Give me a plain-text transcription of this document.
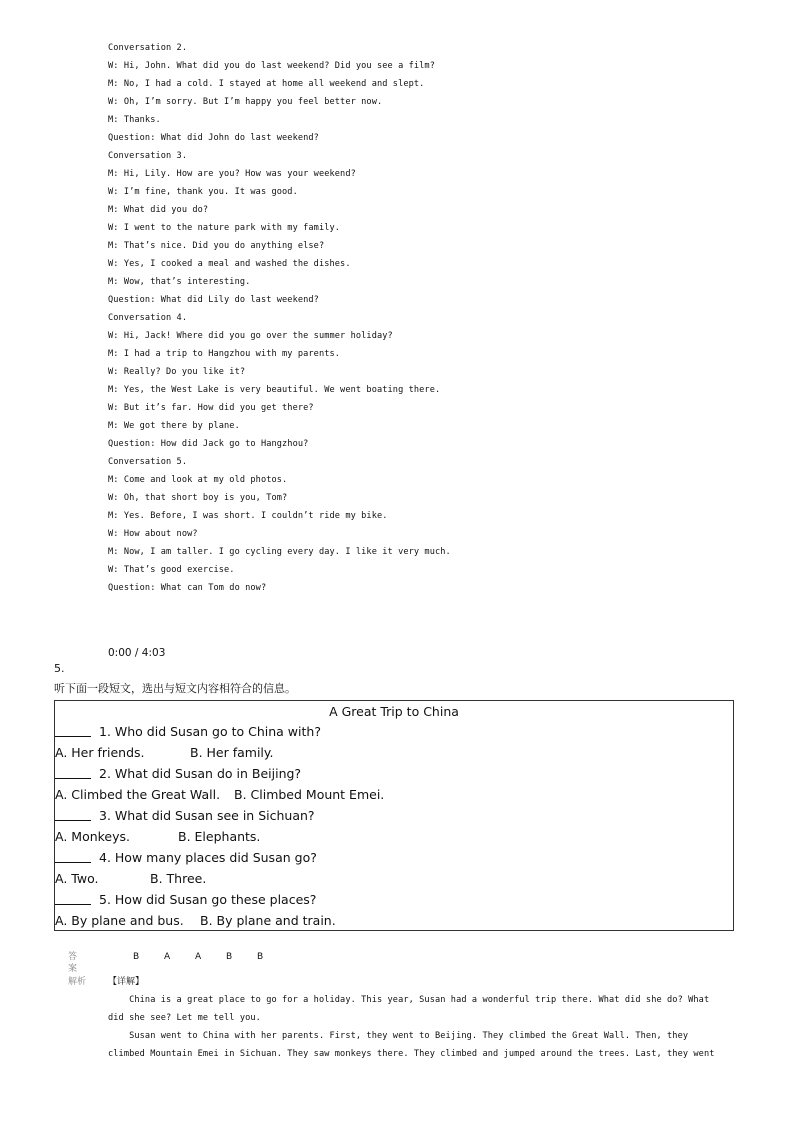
Conversation 2.
W: Hi, John. What did you do last weekend? Did you see a film?
M: No, I had a cold. I stayed at home all weekend and slept.
W: Oh, I’m sorry. But I’m happy you feel better now.
M: Thanks.
Question: What did John do last weekend?
Conversation 3.
M: Hi, Lily. How are you? How was your weekend?
W: I’m fine, thank you. It was good.
M: What did you do?
W: I went to the nature park with my family.
M: That’s nice. Did you do anything else?
W: Yes, I cooked a meal and washed the dishes.
M: Wow, that’s interesting.
Question: What did Lily do last weekend?
Conversation 4.
W: Hi, Jack! Where did you go over the summer holiday?
M: I had a trip to Hangzhou with my parents.
W: Really? Do you like it?
M: Yes, the West Lake is very beautiful. We went boating there.
W: But it’s far. How did you get there?
M: We got there by plane.
Question: How did Jack go to Hangzhou?
Conversation 5.
M: Come and look at my old photos.
W: Oh, that short boy is you, Tom?
M: Yes. Before, I was short. I couldn’t ride my bike.
W: How about now?
M: Now, I am taller. I go cycling every day. I like it very much.
W: That’s good exercise.
Question: What can Tom do now?
0:00 / 4:03
5.
听下面一段短文，选出与短文内容相符合的信息。
A Great Trip to China
1. Who did Susan go to China with?
A. Her friends.	B. Her family.
2. What did Susan do in Beijing?
A. Climbed the Great Wall. B. Climbed Mount Emei.
3. What did Susan see in Sichuan?
A. Monkeys.	B. Elephants.
4. How many places did Susan go?
A. Two.	B. Three.
5. How did Susan go these places?
A. By plane and bus. B. By plane and train.
答案
B	A	A	B	B
解析 【详解】
China is a great place to go for a holiday. This year, Susan had a wonderful trip there. What did she do? What
did she see? Let me tell you.
Susan went to China with her parents. First, they went to Beijing. They climbed the Great Wall. Then, they
climbed Mountain Emei in Sichuan. They saw monkeys there. They climbed and jumped around the trees. Last, they went
